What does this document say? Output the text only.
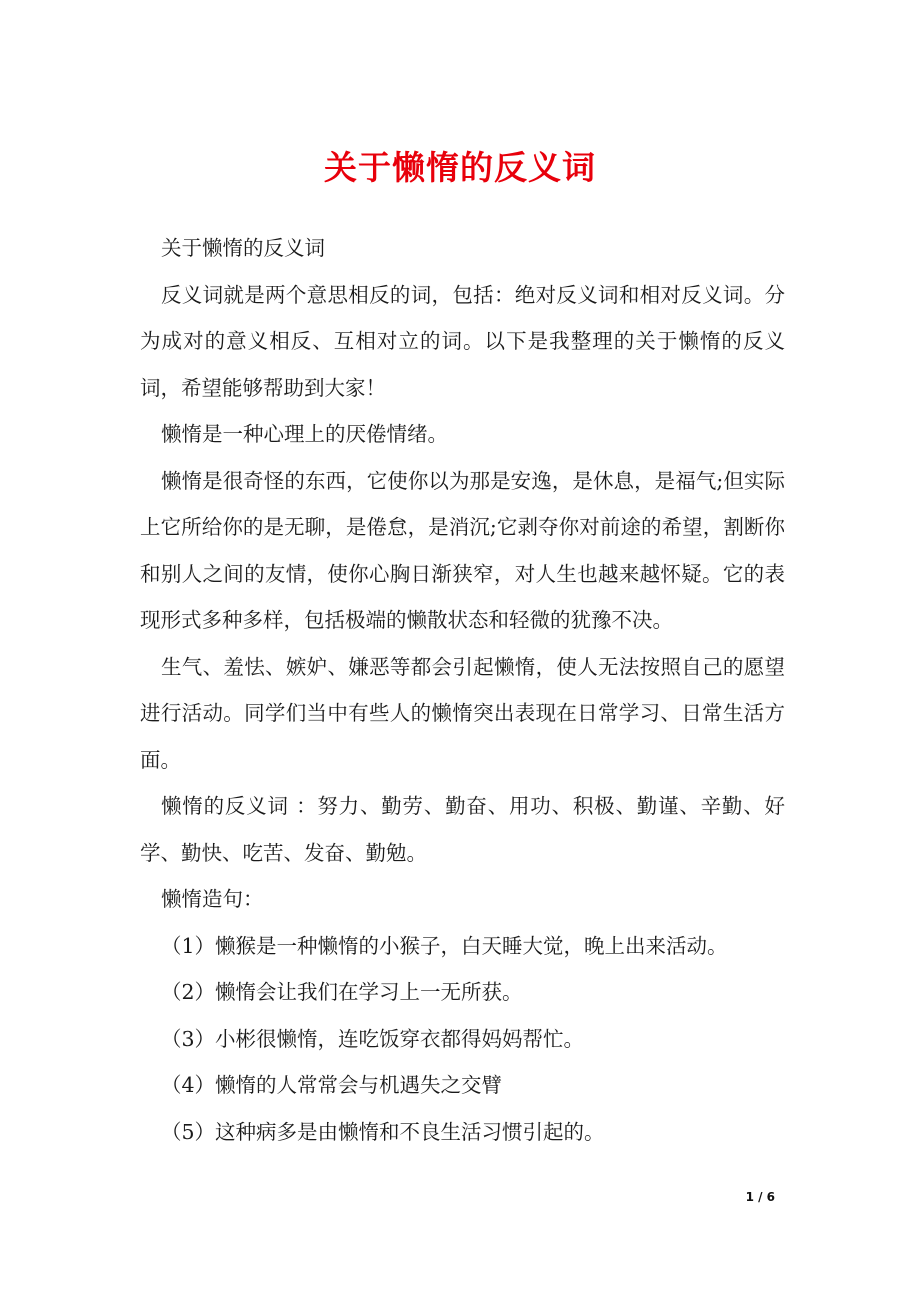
关于懒惰的反义词

关于懒惰的反义词

反义词就是两个意思相反的词，包括：绝对反义词和相对反义词。分为成对的意义相反、互相对立的词。以下是我整理的关于懒惰的反义词，希望能够帮助到大家！

懒惰是一种心理上的厌倦情绪。

懒惰是很奇怪的东西，它使你以为那是安逸，是休息，是福气;但实际上它所给你的是无聊，是倦怠，是消沉;它剥夺你对前途的希望，割断你和别人之间的友情，使你心胸日渐狭窄，对人生也越来越怀疑。它的表现形式多种多样，包括极端的懒散状态和轻微的犹豫不决。

生气、羞怯、嫉妒、嫌恶等都会引起懒惰，使人无法按照自己的愿望进行活动。同学们当中有些人的懒惰突出表现在日常学习、日常生活方面。

懒惰的反义词 ：努力、勤劳、勤奋、用功、积极、勤谨、辛勤、好学、勤快、吃苦、发奋、勤勉。

懒惰造句：

（1）懒猴是一种懒惰的小猴子，白天睡大觉，晚上出来活动。

（2）懒惰会让我们在学习上一无所获。

（3）小彬很懒惰，连吃饭穿衣都得妈妈帮忙。

（4）懒惰的人常常会与机遇失之交臂

（5）这种病多是由懒惰和不良生活习惯引起的。

1 / 6
